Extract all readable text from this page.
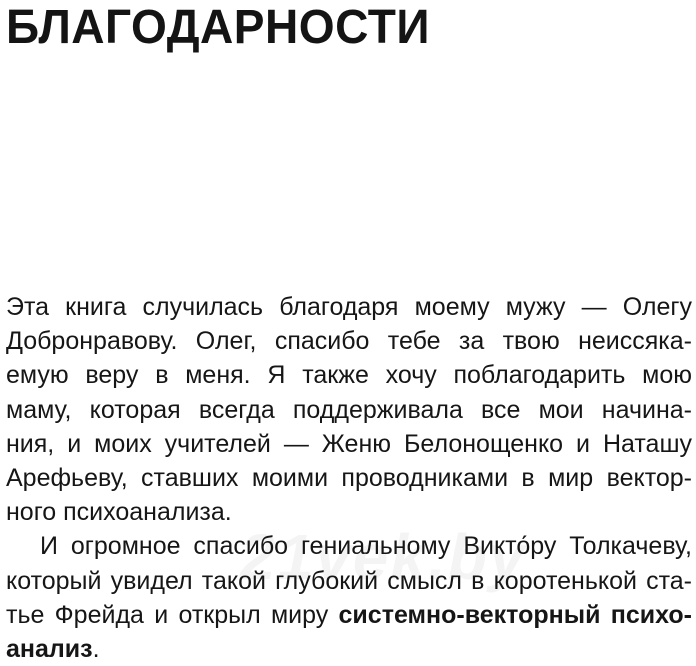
БЛАГОДАРНОСТИ
Эта книга случилась благодаря моему мужу — Олегу
Добронравову. Олег, спасибо тебе за твою неиссяка-
емую веру в меня. Я также хочу поблагодарить мою
маму, которая всегда поддерживала все мои начина-
ния, и моих учителей — Женю Белонощенко и Наташу
Арефьеву, ставших моими проводниками в мир вектор-
ного психоанализа.
И огромное спасибо гениальному Викто́ру Толкачеву,
который увидел такой глубокий смысл в коротенькой ста-
тье Фрейда и открыл миру системно-векторный психо-
анализ.
